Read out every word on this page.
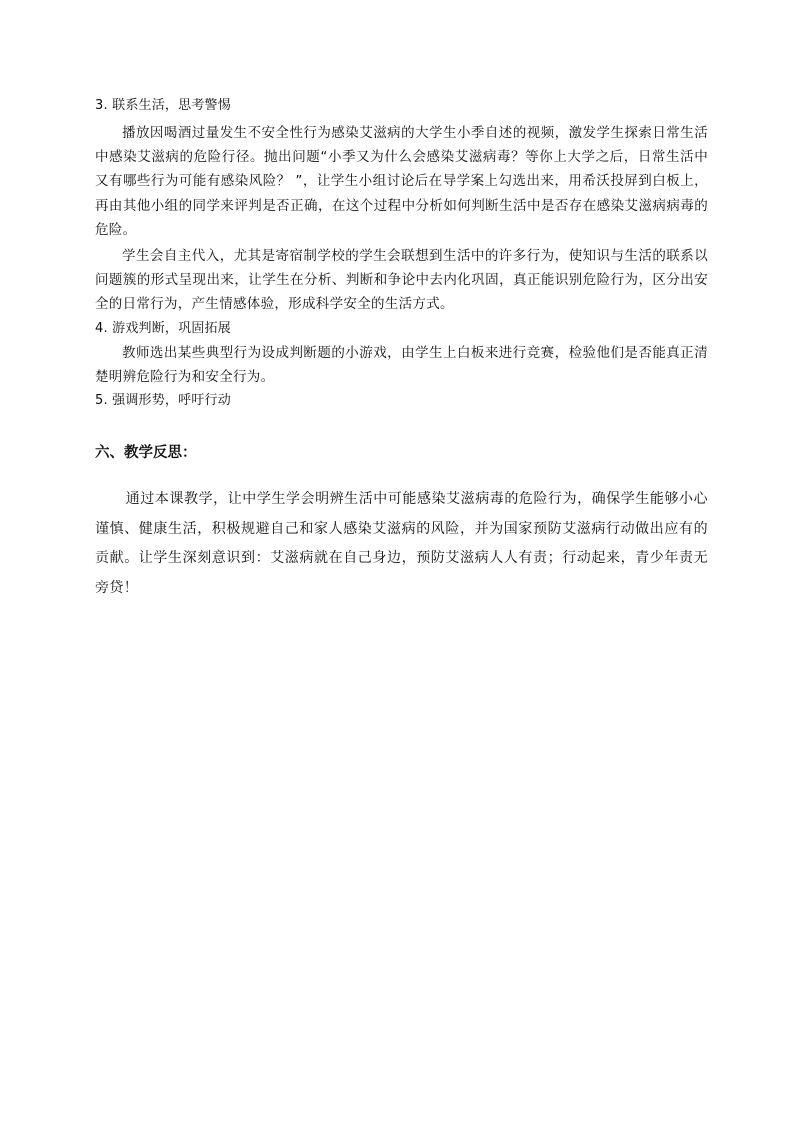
3. 联系生活，思考警惕

播放因喝酒过量发生不安全性行为感染艾滋病的大学生小季自述的视频，激发学生探索日常生活中感染艾滋病的危险行径。抛出问题“小季又为什么会感染艾滋病毒？等你上大学之后，日常生活中又有哪些行为可能有感染风险？ ”，让学生小组讨论后在导学案上勾选出来，用希沃投屏到白板上，再由其他小组的同学来评判是否正确，在这个过程中分析如何判断生活中是否存在感染艾滋病病毒的危险。

学生会自主代入，尤其是寄宿制学校的学生会联想到生活中的许多行为，使知识与生活的联系以问题簇的形式呈现出来，让学生在分析、判断和争论中去内化巩固，真正能识别危险行为，区分出安全的日常行为，产生情感体验，形成科学安全的生活方式。

4. 游戏判断，巩固拓展

教师选出某些典型行为设成判断题的小游戏，由学生上白板来进行竞赛，检验他们是否能真正清楚明辨危险行为和安全行为。

5. 强调形势，呼吁行动

六、教学反思：

通过本课教学，让中学生学会明辨生活中可能感染艾滋病毒的危险行为，确保学生能够小心谨慎、健康生活，积极规避自己和家人感染艾滋病的风险，并为国家预防艾滋病行动做出应有的贡献。让学生深刻意识到：艾滋病就在自己身边，预防艾滋病人人有责；行动起来，青少年责无旁贷！
